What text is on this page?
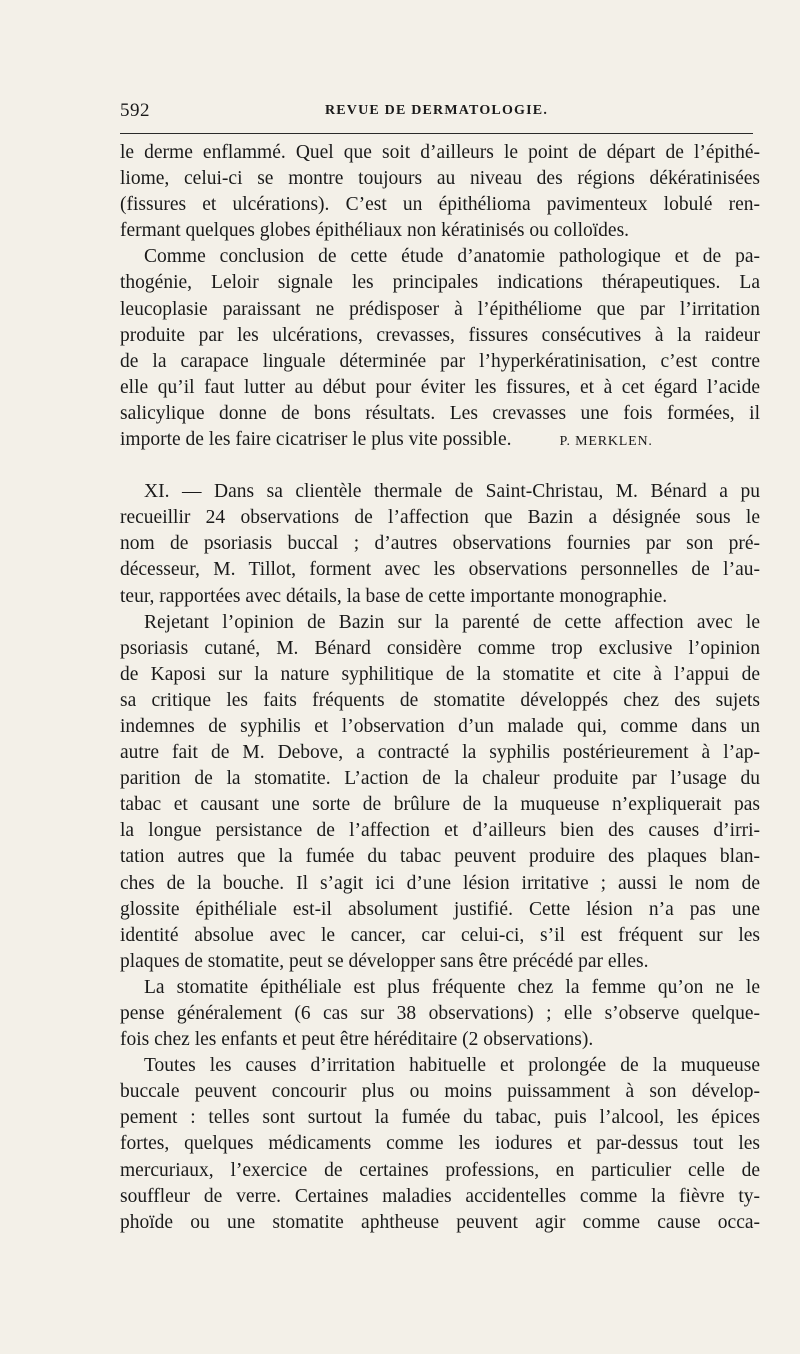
592	REVUE DE DERMATOLOGIE.
le derme enflammé. Quel que soit d’ailleurs le point de départ de l’épithé-
liome, celui-ci se montre toujours au niveau des régions dékératinisées
(fissures et ulcérations). C’est un épithélioma pavimenteux lobulé ren-
fermant quelques globes épithéliaux non kératinisés ou colloïdes.
Comme conclusion de cette étude d’anatomie pathologique et de pa-
thogénie, Leloir signale les principales indications thérapeutiques. La
leucoplasie paraissant ne prédisposer à l’épithéliome que par l’irritation
produite par les ulcérations, crevasses, fissures consécutives à la raideur
de la carapace linguale déterminée par l’hyperkératinisation, c’est contre
elle qu’il faut lutter au début pour éviter les fissures, et à cet égard l’acide
salicylique donne de bons résultats. Les crevasses une fois formées, il
importe de les faire cicatriser le plus vite possible.	P. MERKLEN.
XI. — Dans sa clientèle thermale de Saint-Christau, M. Bénard a pu
recueillir 24 observations de l’affection que Bazin a désignée sous le
nom de psoriasis buccal ; d’autres observations fournies par son pré-
décesseur, M. Tillot, forment avec les observations personnelles de l’au-
teur, rapportées avec détails, la base de cette importante monographie.
Rejetant l’opinion de Bazin sur la parenté de cette affection avec le
psoriasis cutané, M. Bénard considère comme trop exclusive l’opinion
de Kaposi sur la nature syphilitique de la stomatite et cite à l’appui de
sa critique les faits fréquents de stomatite développés chez des sujets
indemnes de syphilis et l’observation d’un malade qui, comme dans un
autre fait de M. Debove, a contracté la syphilis postérieurement à l’ap-
parition de la stomatite. L’action de la chaleur produite par l’usage du
tabac et causant une sorte de brûlure de la muqueuse n’expliquerait pas
la longue persistance de l’affection et d’ailleurs bien des causes d’irri-
tation autres que la fumée du tabac peuvent produire des plaques blan-
ches de la bouche. Il s’agit ici d’une lésion irritative ; aussi le nom de
glossite épithéliale est-il absolument justifié. Cette lésion n’a pas une
identité absolue avec le cancer, car celui-ci, s’il est fréquent sur les
plaques de stomatite, peut se développer sans être précédé par elles.
La stomatite épithéliale est plus fréquente chez la femme qu’on ne le
pense généralement (6 cas sur 38 observations) ; elle s’observe quelque-
fois chez les enfants et peut être héréditaire (2 observations).
Toutes les causes d’irritation habituelle et prolongée de la muqueuse
buccale peuvent concourir plus ou moins puissamment à son dévelop-
pement : telles sont surtout la fumée du tabac, puis l’alcool, les épices
fortes, quelques médicaments comme les iodures et par-dessus tout les
mercuriaux, l’exercice de certaines professions, en particulier celle de
souffleur de verre. Certaines maladies accidentelles comme la fièvre ty-
phoïde ou une stomatite aphtheuse peuvent agir comme cause occa-
